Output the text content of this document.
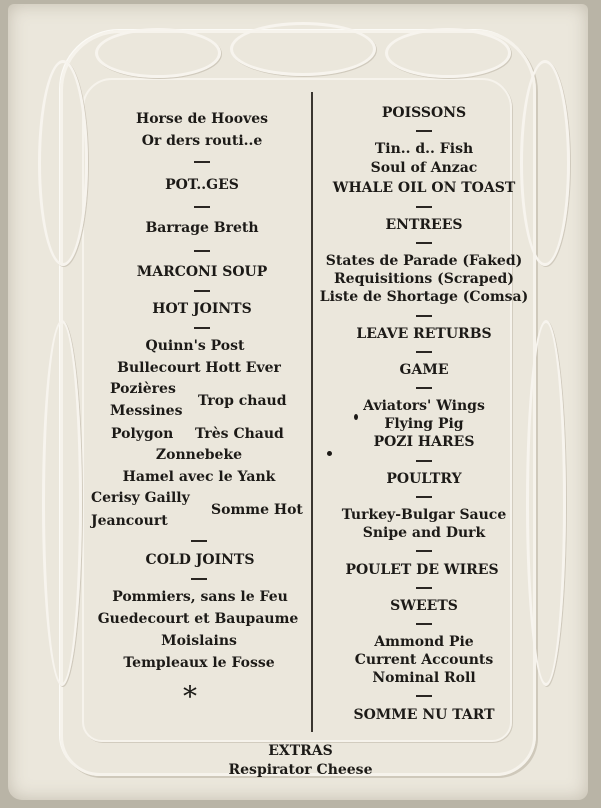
Horse de Hooves
Or ders routi..e
POT..GES
Barrage Breth
MARCONI SOUP
HOT JOINTS
Quinn's Post
Bullecourt Hott Ever
Pozières
Trop chaud
Messines
Polygon Très Chaud
Zonnebeke
Hamel avec le Yank
Cerisy Gailly
Somme Hot
Jeancourt
COLD JOINTS
Pommiers, sans le Feu
Guedecourt et Baupaume
Moislains
Templeaux le Fosse
*
POISSONS
Tin.. d.. Fish
Soul of Anzac
WHALE OIL ON TOAST
ENTREES
States de Parade (Faked)
Requisitions (Scraped)
Liste de Shortage (Comsa)
LEAVE RETURBS
GAME
Aviators' Wings
Flying Pig
POZI HARES
POULTRY
Turkey-Bulgar Sauce
Snipe and Durk
POULET DE WIRES
SWEETS
Ammond Pie
Current Accounts
Nominal Roll
SOMME NU TART
EXTRAS
Respirator Cheese
